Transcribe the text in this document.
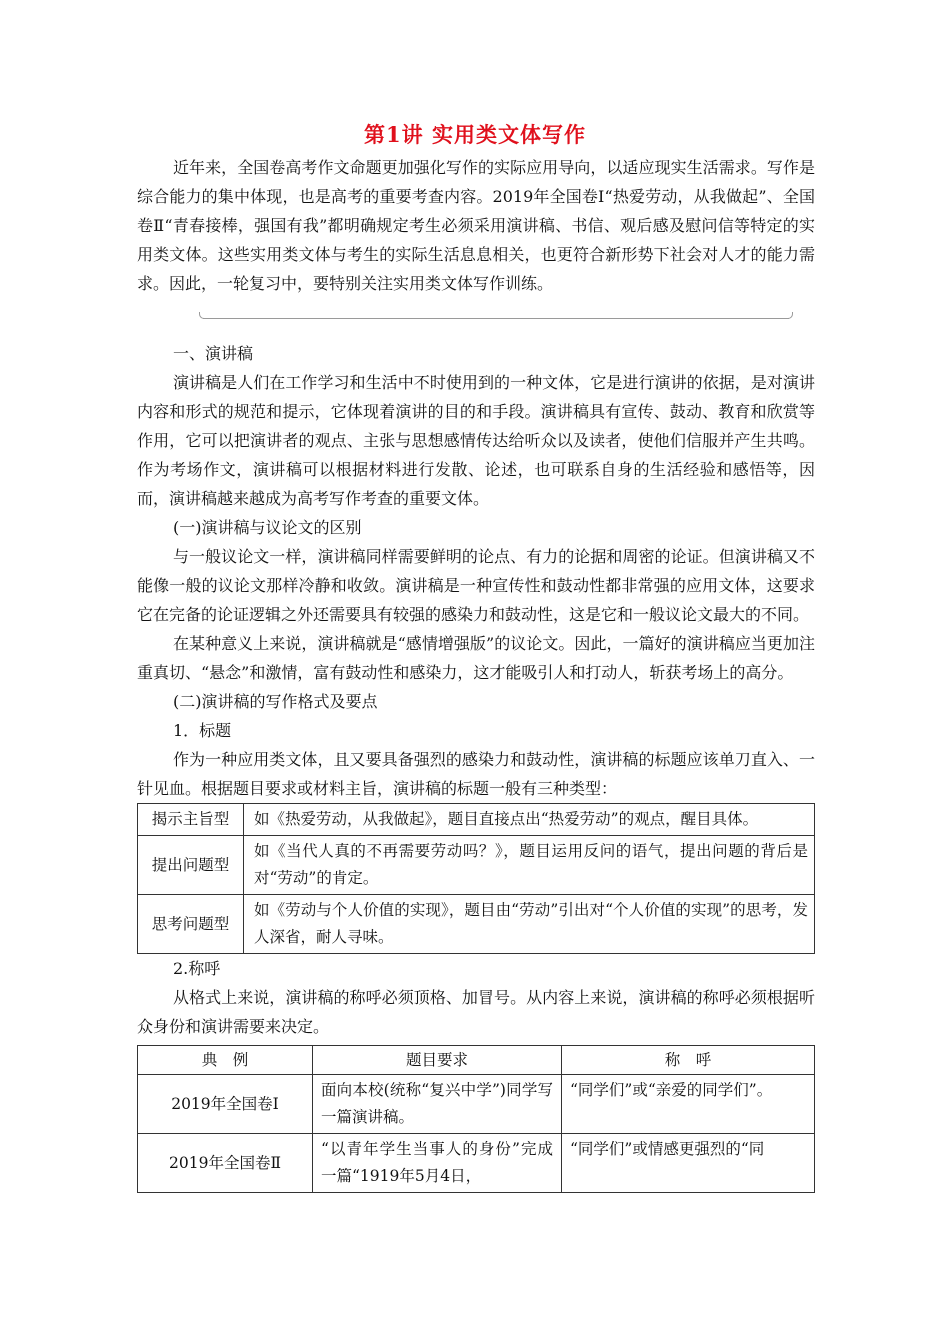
第1讲 实用类文体写作

近年来，全国卷高考作文命题更加强化写作的实际应用导向，以适应现实生活需求。写作是综合能力的集中体现，也是高考的重要考查内容。2019年全国卷Ⅰ“热爱劳动，从我做起”、全国卷Ⅱ“青春接棒，强国有我”都明确规定考生必须采用演讲稿、书信、观后感及慰问信等特定的实用类文体。这些实用类文体与考生的实际生活息息相关，也更符合新形势下社会对人才的能力需求。因此，一轮复习中，要特别关注实用类文体写作训练。

一、演讲稿

演讲稿是人们在工作学习和生活中不时使用到的一种文体，它是进行演讲的依据，是对演讲内容和形式的规范和提示，它体现着演讲的目的和手段。演讲稿具有宣传、鼓动、教育和欣赏等作用，它可以把演讲者的观点、主张与思想感情传达给听众以及读者，使他们信服并产生共鸣。作为考场作文，演讲稿可以根据材料进行发散、论述，也可联系自身的生活经验和感悟等，因而，演讲稿越来越成为高考写作考查的重要文体。

(一)演讲稿与议论文的区别

与一般议论文一样，演讲稿同样需要鲜明的论点、有力的论据和周密的论证。但演讲稿又不能像一般的议论文那样冷静和收敛。演讲稿是一种宣传性和鼓动性都非常强的应用文体，这要求它在完备的论证逻辑之外还需要具有较强的感染力和鼓动性，这是它和一般议论文最大的不同。

在某种意义上来说，演讲稿就是“感情增强版”的议论文。因此，一篇好的演讲稿应当更加注重真切、“悬念”和激情，富有鼓动性和感染力，这才能吸引人和打动人，斩获考场上的高分。

(二)演讲稿的写作格式及要点

1．标题

作为一种应用类文体，且又要具备强烈的感染力和鼓动性，演讲稿的标题应该单刀直入、一针见血。根据题目要求或材料主旨，演讲稿的标题一般有三种类型：

揭示主旨型	如《热爱劳动，从我做起》，题目直接点出“热爱劳动”的观点，醒目具体。
提出问题型	如《当代人真的不再需要劳动吗？》，题目运用反问的语气，提出问题的背后是对“劳动”的肯定。
思考问题型	如《劳动与个人价值的实现》，题目由“劳动”引出对“个人价值的实现”的思考，发人深省，耐人寻味。

2.称呼

从格式上来说，演讲稿的称呼必须顶格、加冒号。从内容上来说，演讲稿的称呼必须根据听众身份和演讲需要来决定。

典　例	题目要求	称　呼
2019年全国卷Ⅰ	面向本校(统称“复兴中学”)同学写一篇演讲稿。	“同学们”或“亲爱的同学们”。
2019年全国卷Ⅱ	“以青年学生当事人的身份”完成一篇“1919年5月4日，	“同学们”或情感更强烈的“同
